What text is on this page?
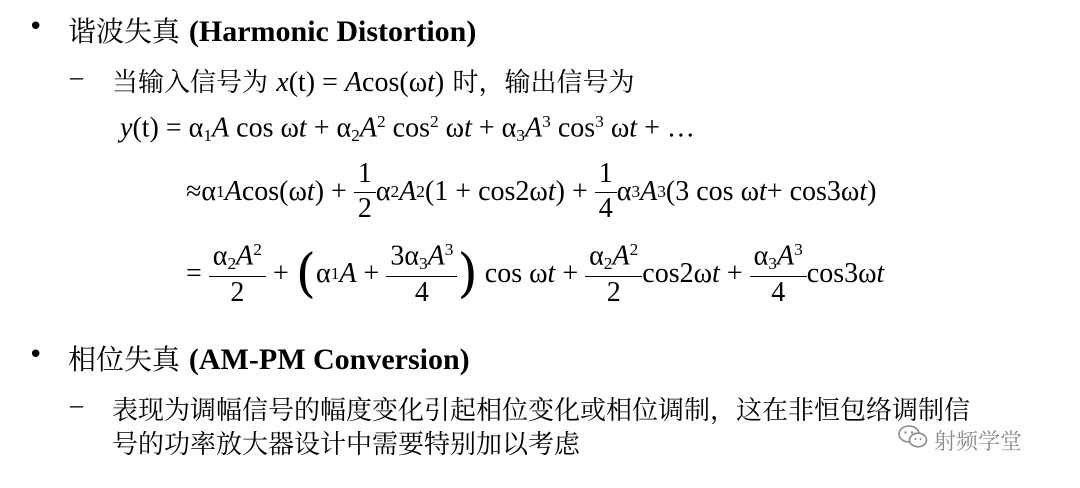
• 谐波失真 (Harmonic Distortion)
– 当输入信号为 x(t) = Acos(ωt) 时，输出信号为
y(t) = α1A $\cos \omega t + \alpha 2A^2$ $\cos^2 \omega t + \alpha 3A^3$ $\cos^3 \omega t$ + …
≈ α 1 A cos(ω t ) + $\frac{1}{2}$ α 2 A 2 (1 + cos2ω t ) + $\frac{1}{4}$ α 3 A 3 (3 cos ω t + cos3ω t )
= $\frac{\alpha 2A^2}{2}$ + ( α 1 $A + \frac{3\alpha 3A^3}{4}$ ) cos ω $t + \frac{\alpha 2A^2}{2} \cos 2\omega$ $t + \frac{\alpha 3A^3}{4} \cos 3\omega$ t
• 相位失真 (AM-PM Conversion)
– 表现为调幅信号的幅度变化引起相位变化或相位调制，这在非恒包络调制信
号的功率放大器设计中需要特别加以考虑	射频学堂
